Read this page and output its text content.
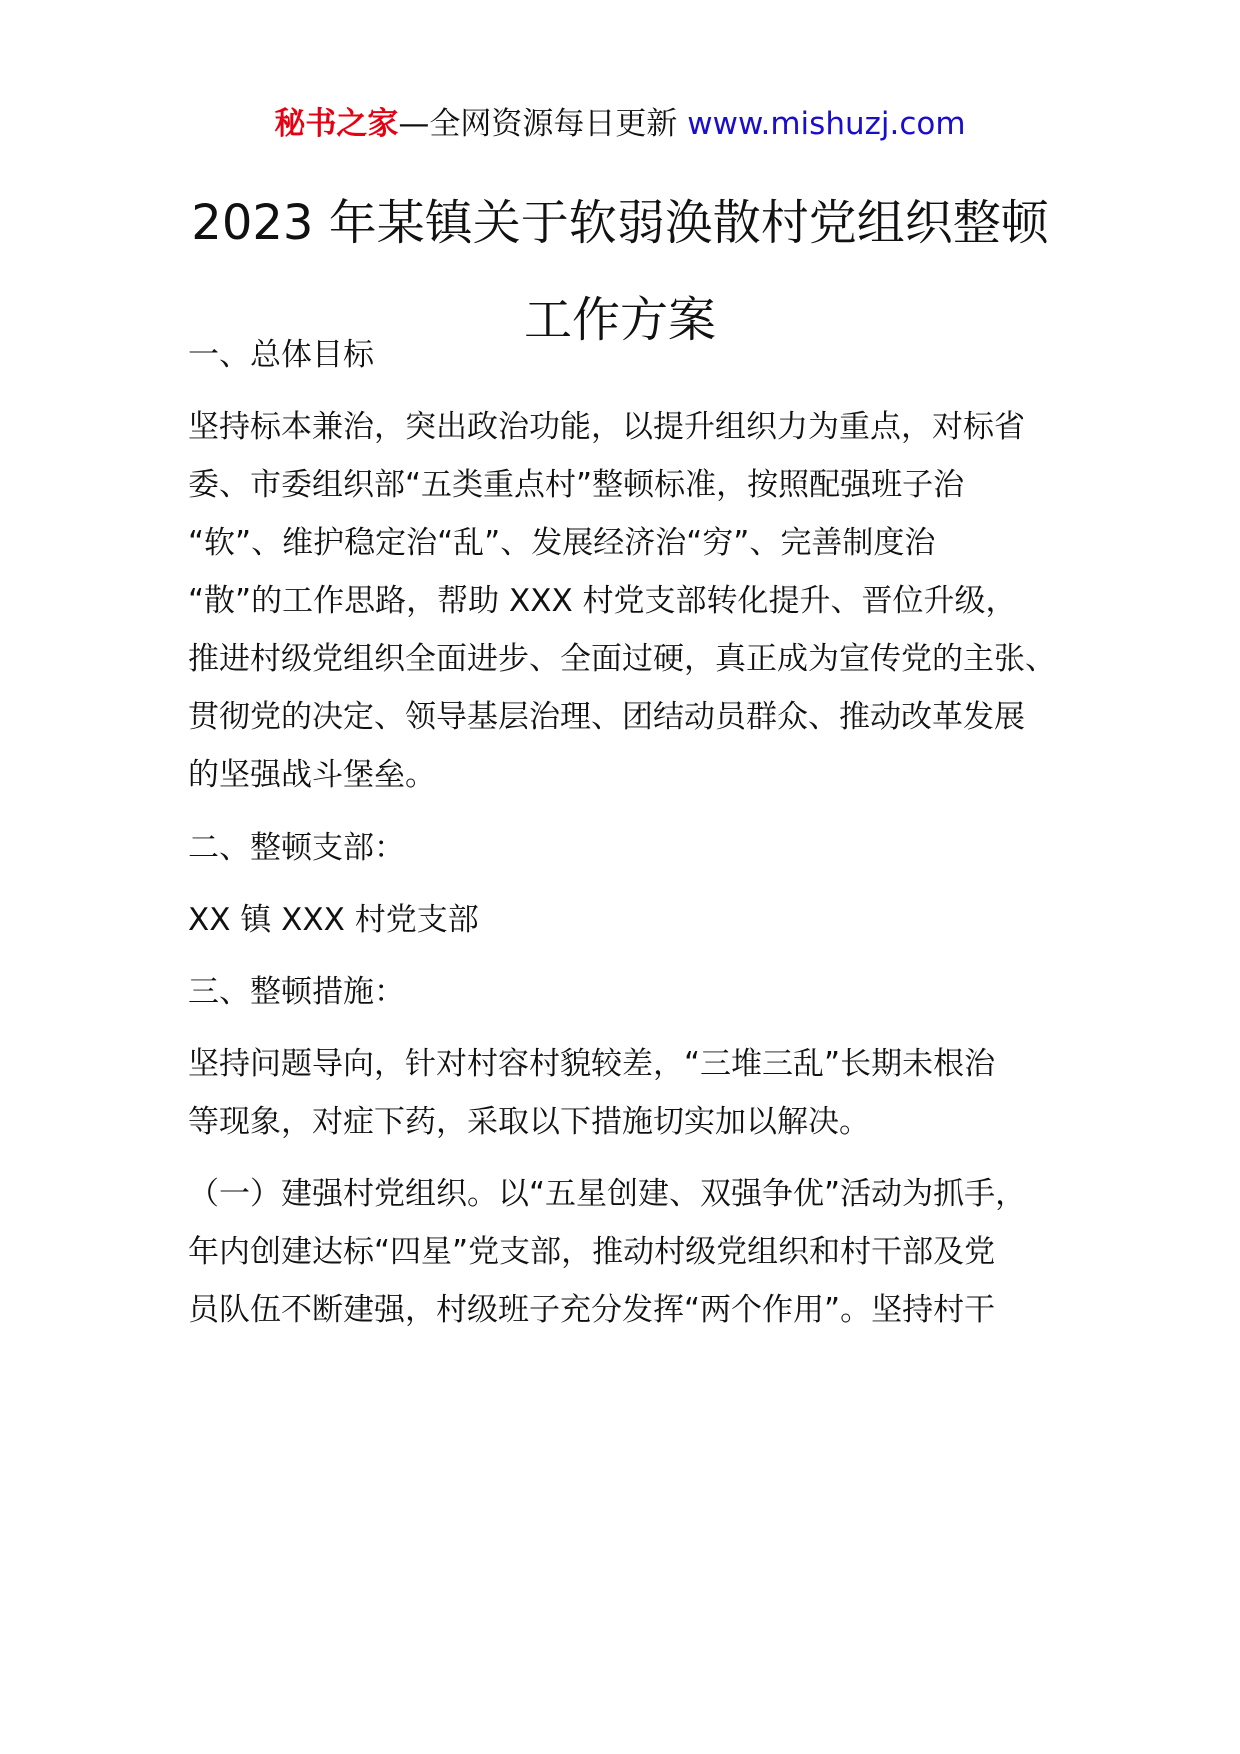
秘书之家—全网资源每日更新 www.mishuzj.com
2023 年某镇关于软弱涣散村党组织整顿
工作方案
一、总体目标
坚持标本兼治，突出政治功能，以提升组织力为重点，对标省
委、市委组织部“五类重点村”整顿标准，按照配强班子治
“软”、维护稳定治“乱”、发展经济治“穷”、完善制度治
“散”的工作思路，帮助 XXX 村党支部转化提升、晋位升级，
推进村级党组织全面进步、全面过硬，真正成为宣传党的主张、
贯彻党的决定、领导基层治理、团结动员群众、推动改革发展
的坚强战斗堡垒。
二、整顿支部：
XX 镇 XXX 村党支部
三、整顿措施：
坚持问题导向，针对村容村貌较差，“三堆三乱”长期未根治
等现象，对症下药，采取以下措施切实加以解决。
（一）建强村党组织。以“五星创建、双强争优”活动为抓手，
年内创建达标“四星”党支部，推动村级党组织和村干部及党
员队伍不断建强，村级班子充分发挥“两个作用”。坚持村干
